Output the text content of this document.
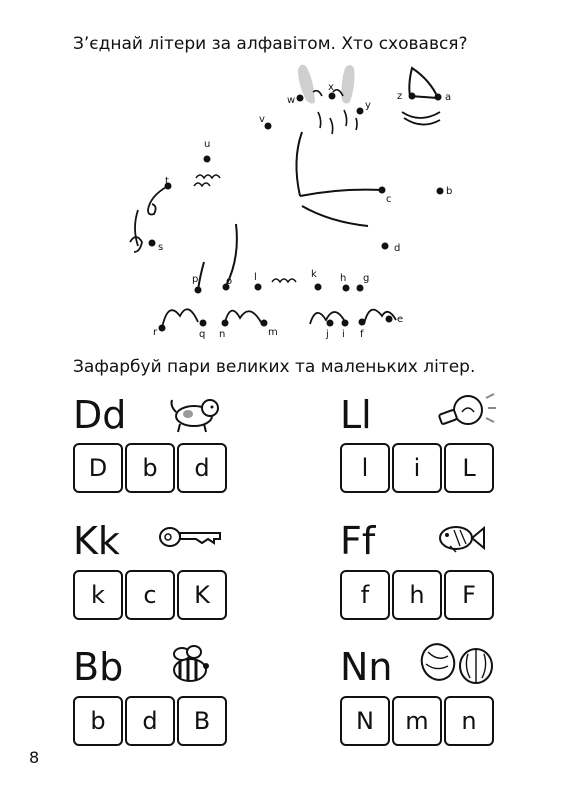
З’єднай літери за алфавітом. Хто сховався?
a
b
c
d
e
f
g
h
i
j
k
l
m
n
o
p
q
r
s
t
u
v
w
x
y
z
Зафарбуй пари великих та маленьких літер.
Dd
D	b	d
Ll
l	i	L
Kk
k	c	K
Ff
f	h	F
Bb
b	d	B
Nn
N	m	n
8
